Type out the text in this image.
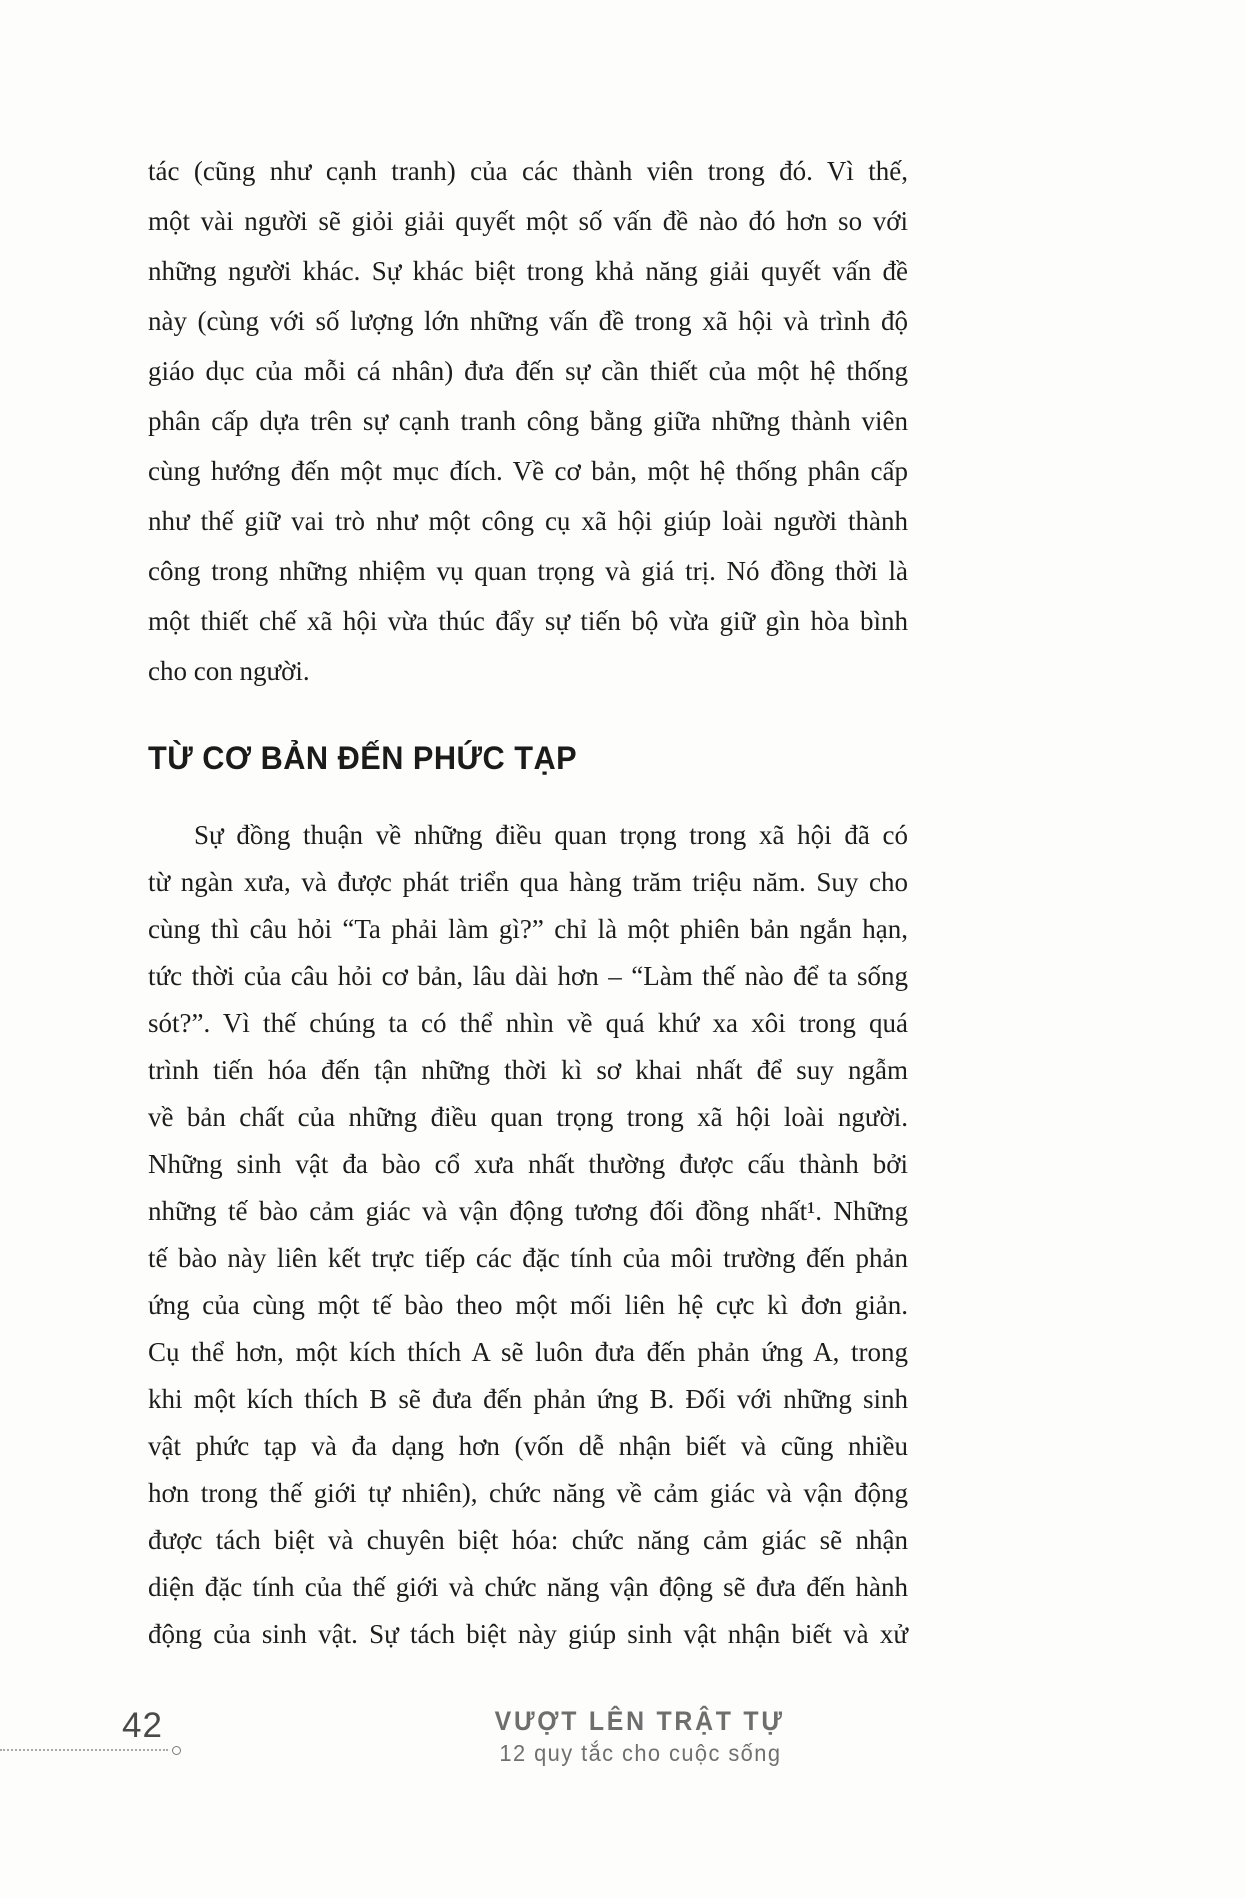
tác (cũng như cạnh tranh) của các thành viên trong đó. Vì thế,
một vài người sẽ giỏi giải quyết một số vấn đề nào đó hơn so với
những người khác. Sự khác biệt trong khả năng giải quyết vấn đề
này (cùng với số lượng lớn những vấn đề trong xã hội và trình độ
giáo dục của mỗi cá nhân) đưa đến sự cần thiết của một hệ thống
phân cấp dựa trên sự cạnh tranh công bằng giữa những thành viên
cùng hướng đến một mục đích. Về cơ bản, một hệ thống phân cấp
như thế giữ vai trò như một công cụ xã hội giúp loài người thành
công trong những nhiệm vụ quan trọng và giá trị. Nó đồng thời là
một thiết chế xã hội vừa thúc đẩy sự tiến bộ vừa giữ gìn hòa bình
cho con người.
TỪ CƠ BẢN ĐẾN PHỨC TẠP
Sự đồng thuận về những điều quan trọng trong xã hội đã có
từ ngàn xưa, và được phát triển qua hàng trăm triệu năm. Suy cho
cùng thì câu hỏi “Ta phải làm gì?” chỉ là một phiên bản ngắn hạn,
tức thời của câu hỏi cơ bản, lâu dài hơn – “Làm thế nào để ta sống
sót?”. Vì thế chúng ta có thể nhìn về quá khứ xa xôi trong quá
trình tiến hóa đến tận những thời kì sơ khai nhất để suy ngẫm
về bản chất của những điều quan trọng trong xã hội loài người.
Những sinh vật đa bào cổ xưa nhất thường được cấu thành bởi
những tế bào cảm giác và vận động tương đối đồng nhất¹. Những
tế bào này liên kết trực tiếp các đặc tính của môi trường đến phản
ứng của cùng một tế bào theo một mối liên hệ cực kì đơn giản.
Cụ thể hơn, một kích thích A sẽ luôn đưa đến phản ứng A, trong
khi một kích thích B sẽ đưa đến phản ứng B. Đối với những sinh
vật phức tạp và đa dạng hơn (vốn dễ nhận biết và cũng nhiều
hơn trong thế giới tự nhiên), chức năng về cảm giác và vận động
được tách biệt và chuyên biệt hóa: chức năng cảm giác sẽ nhận
diện đặc tính của thế giới và chức năng vận động sẽ đưa đến hành
động của sinh vật. Sự tách biệt này giúp sinh vật nhận biết và xử
42	VƯỢT LÊN TRẬT TỰ
12 quy tắc cho cuộc sống
